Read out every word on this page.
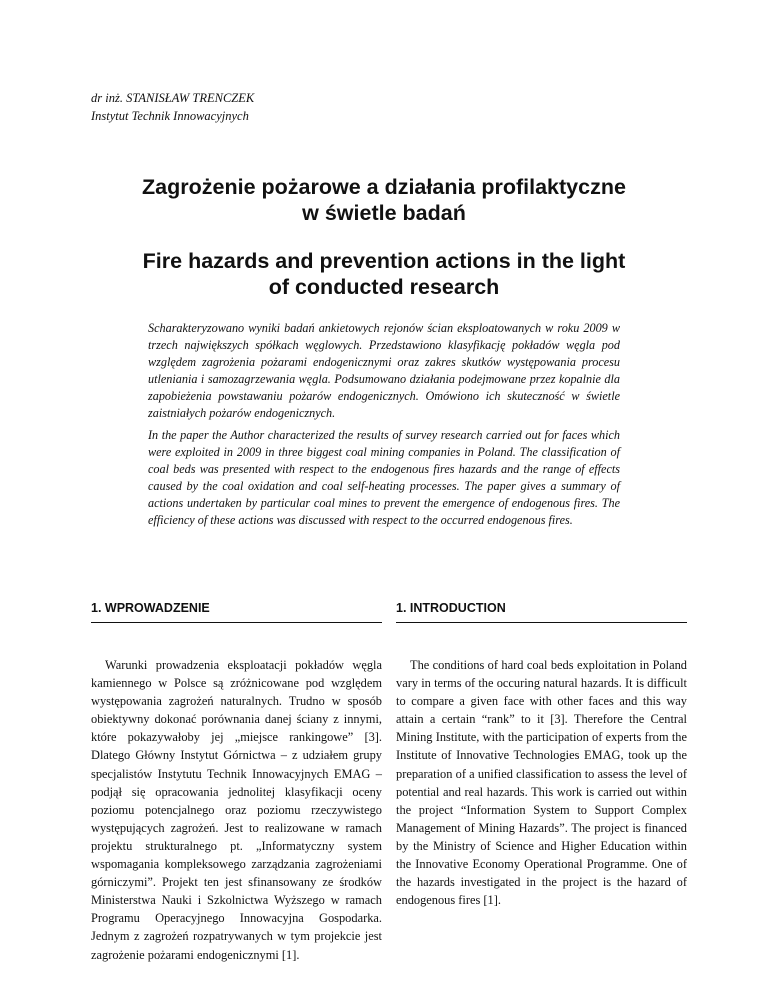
dr inż. STANISŁAW TRENCZEK
Instytut Technik Innowacyjnych
Zagrożenie pożarowe a działania profilaktyczne
w świetle badań
Fire hazards and prevention actions in the light
of conducted research
Scharakteryzowano wyniki badań ankietowych rejonów ścian eksploatowanych w roku 2009 w trzech największych spółkach węglowych. Przedstawiono klasyfikację pokładów węgla pod względem zagrożenia pożarami endogenicznymi oraz zakres skutków występowania procesu utleniania i samozagrzewania węgla. Podsumowano działania podejmowane przez kopalnie dla zapobieżenia powstawaniu pożarów endogenicznych. Omówiono ich skuteczność w świetle zaistniałych pożarów endogenicznych.
In the paper the Author characterized the results of survey research carried out for faces which were exploited in 2009 in three biggest coal mining companies in Poland. The classification of coal beds was presented with respect to the endogenous fires hazards and the range of effects caused by the coal oxidation and coal self-heating processes. The paper gives a summary of actions undertaken by particular coal mines to prevent the emergence of endogenous fires. The efficiency of these actions was discussed with respect to the occurred endogenous fires.
1. WPROWADZENIE

Warunki prowadzenia eksploatacji pokładów węgla kamiennego w Polsce są zróżnicowane pod względem występowania zagrożeń naturalnych. Trudno w sposób obiektywny dokonać porównania danej ściany z innymi, które pokazywałoby jej „miejsce rankingowe” [3]. Dlatego Główny Instytut Górnictwa – z udziałem grupy specjalistów Instytutu Technik Innowacyjnych EMAG – podjął się opracowania jednolitej klasyfikacji oceny poziomu potencjalnego oraz poziomu rzeczywistego występujących zagrożeń. Jest to realizowane w ramach projektu strukturalnego pt. „Informatyczny system wspomagania kompleksowego zarządzania zagrożeniami górniczymi”. Projekt ten jest sfinansowany ze środków Ministerstwa Nauki i Szkolnictwa Wyższego w ramach Programu Operacyjnego Innowacyjna Gospodarka. Jednym z zagrożeń rozpatrywanych w tym projekcie jest zagrożenie pożarami endogenicznymi [1].

1. INTRODUCTION

The conditions of hard coal beds exploitation in Poland vary in terms of the occuring natural hazards. It is difficult to compare a given face with other faces and this way attain a certain “rank” to it [3]. Therefore the Central Mining Institute, with the participation of experts from the Institute of Innovative Technologies EMAG, took up the preparation of a unified classification to assess the level of potential and real hazards. This work is carried out within the project “Information System to Support Complex Management of Mining Hazards”. The project is financed by the Ministry of Science and Higher Education within the Innovative Economy Operational Programme. One of the hazards investigated in the project is the hazard of endogenous fires [1].
